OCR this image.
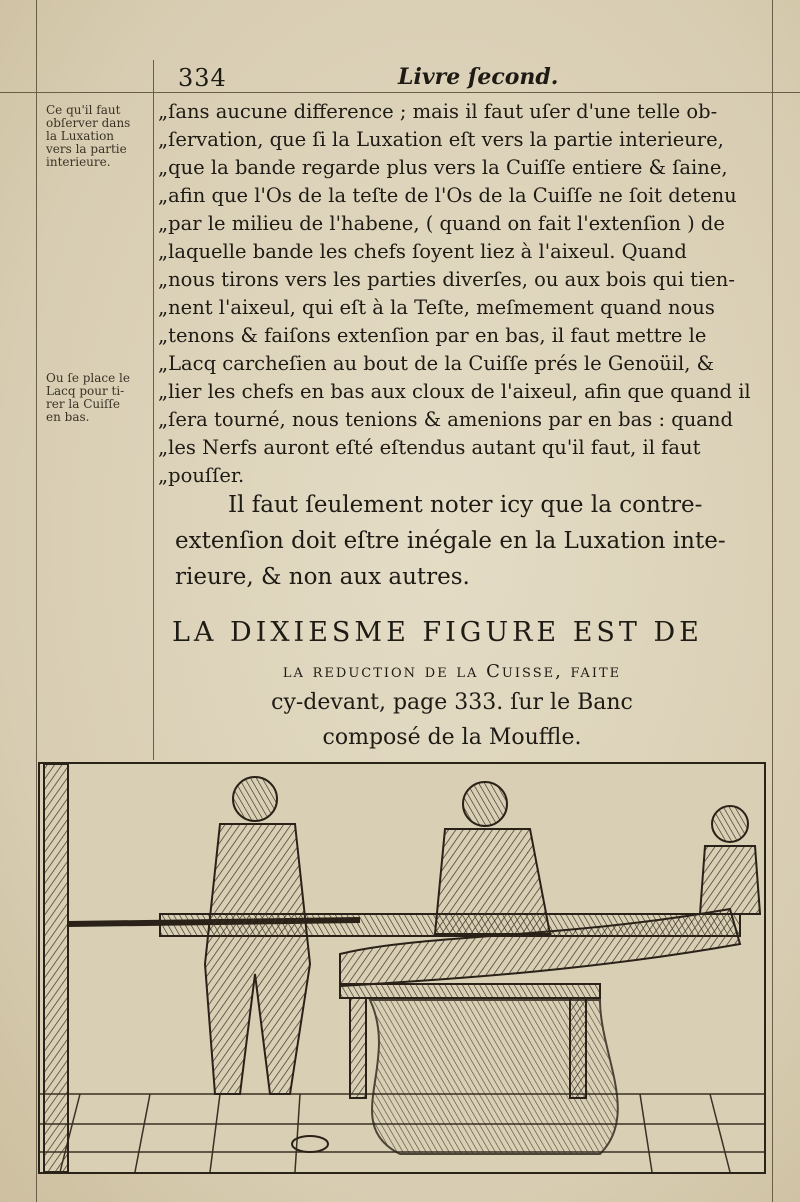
334	Livre ſecond.
Ce qu'il faut
obſerver dans
la Luxation
vers la partie
interieure.
Ou ſe place le
Lacq pour ti-
rer la Cuiſſe
en bas.
„ſans aucune difference ; mais il faut uſer d'une telle ob-
„ſervation, que ſi la Luxation eſt vers la partie interieure,
„que la bande regarde plus vers la Cuiſſe entiere & ſaine,
„afin que l'Os de la teſte de l'Os de la Cuiſſe ne ſoit detenu
„par le milieu de l'habene, ( quand on fait l'extenſion ) de
„laquelle bande les chefs ſoyent liez à l'aixeul. Quand
„nous tirons vers les parties diverſes, ou aux bois qui tien-
„nent l'aixeul, qui eſt à la Teſte, meſmement quand nous
„tenons & faiſons extenſion par en bas, il faut mettre le
„Lacq carcheſien au bout de la Cuiſſe prés le Genoüil, &
„lier les chefs en bas aux cloux de l'aixeul, afin que quand il
„ſera tourné, nous tenions & amenions par en bas : quand
„les Nerfs auront eſté eſtendus autant qu'il faut, il faut
„pouſſer.
Il faut ſeulement noter icy que la contre-
extenſion doit eſtre inégale en la Luxation inte-
rieure, & non aux autres.
LA DIXIESME FIGURE EST DE
la reduction de la Cuisse, faite
cy-devant, page 333. ſur le Banc
composé de la Mouffle.
